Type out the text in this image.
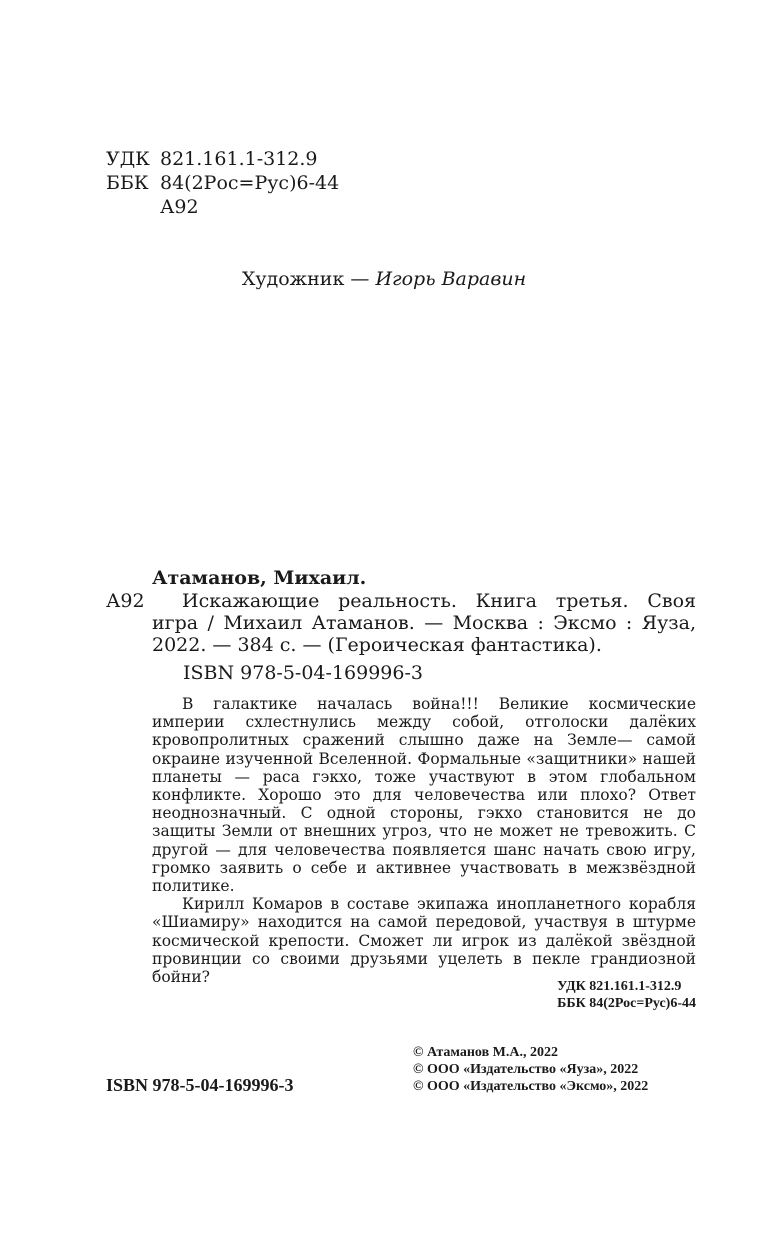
УДК 821.161.1-312.9
ББК 84(2Рос=Рус)6-44
А92
Художник — Игорь Варавин
Атаманов, Михаил.
А92	Искажающие реальность. Книга третья. Своя игра / Михаил Атаманов. — Москва : Эксмо : Яуза, 2022. — 384 с. — (Героическая фантастика).
ISBN 978-5-04-169996-3

В галактике началась война!!! Великие космические империи схлестнулись между собой, отголоски далёких кровопролитных сражений слышно даже на Земле— самой окраине изученной Вселенной. Формальные «защитники» нашей планеты — раса гэкхо, тоже участвуют в этом глобальном конфликте. Хорошо это для человечества или плохо? Ответ неоднозначный. С одной стороны, гэкхо становится не до защиты Земли от внешних угроз, что не может не тревожить. С другой — для человечества появляется шанс начать свою игру, громко заявить о себе и активнее участвовать в межзвёздной политике.

Кирилл Комаров в составе экипажа инопланетного корабля «Шиамиру» находится на самой передовой, участвуя в штурме космической крепости. Сможет ли игрок из далёкой звёздной провинции со своими друзьями уцелеть в пекле грандиозной бойни?

УДК 821.161.1-312.9
ББК 84(2Рос=Рус)6-44
ISBN 978-5-04-169996-3
© Атаманов М.А., 2022
© ООО «Издательство «Яуза», 2022
© ООО «Издательство «Эксмо», 2022
